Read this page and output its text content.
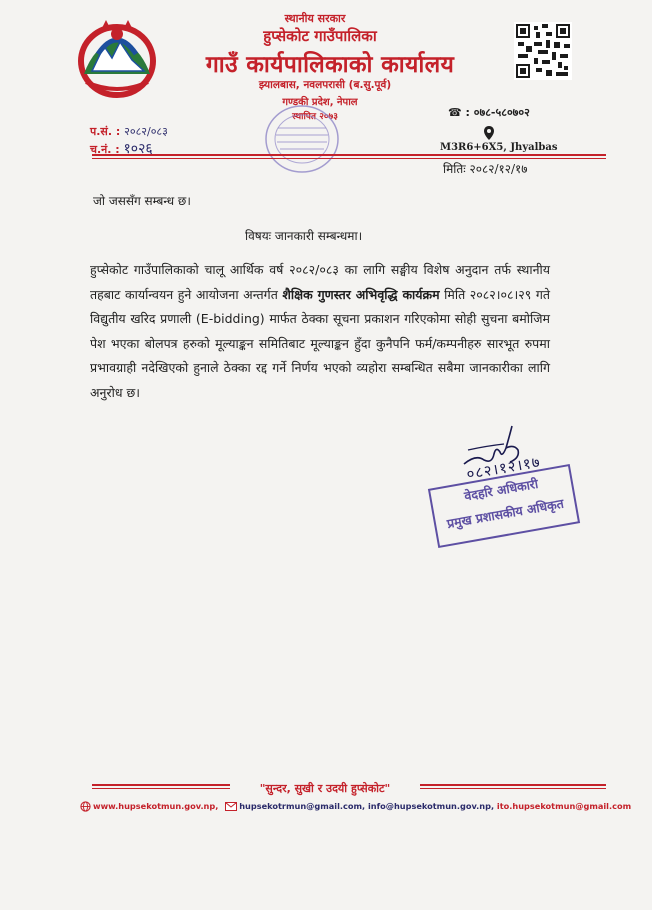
स्थानीय सरकार
हुप्सेकोट गाउँपालिका
गाउँ कार्यपालिकाको कार्यालय
झ्यालबास, नवलपरासी (ब.सु.पूर्व)
गण्डकी प्रदेश, नेपाल
स्थापित २०७३
प.सं. : २०८२/०८३
च.नं. : १०२६
☎ : ०७८-५८०७०२
M3R6+6X5, Jhyalbas
मितिः २०८२/१२/१७
जो जससँग सम्बन्ध छ।
विषयः जानकारी सम्बन्धमा।
हुप्सेकोट गाउँपालिकाको चालू आर्थिक वर्ष २०८२/०८३ का लागि सङ्घीय विशेष अनुदान तर्फ स्थानीय तहबाट कार्यान्वयन हुने आयोजना अन्तर्गत शैक्षिक गुणस्तर अभिवृद्धि कार्यक्रम मिति २०८२।०८।२९ गते विद्युतीय खरिद प्रणाली (E-bidding) मार्फत ठेक्का सूचना प्रकाशन गरिएकोमा सोही सुचना बमोजिम पेश भएका बोलपत्र हरुको मूल्याङ्कन समितिबाट मूल्याङ्कन हुँदा कुनैपनि फर्म/कम्पनीहरु सारभूत रुपमा प्रभावग्राही नदेखिएको हुनाले ठेक्का रद्द गर्ने निर्णय भएको व्यहोरा सम्बन्धित सबैमा जानकारीका लागि अनुरोध छ।
०८२।१२।१७
वेदहरि अधिकारी
प्रमुख प्रशासकीय अधिकृत
"सुन्दर, सुखी र उदयी हुप्सेकोट"
www.hupsekotmun.gov.np,	hupsekotrmun@gmail.com, info@hupsekotmun.gov.np, ito.hupsekotmun@gmail.com
